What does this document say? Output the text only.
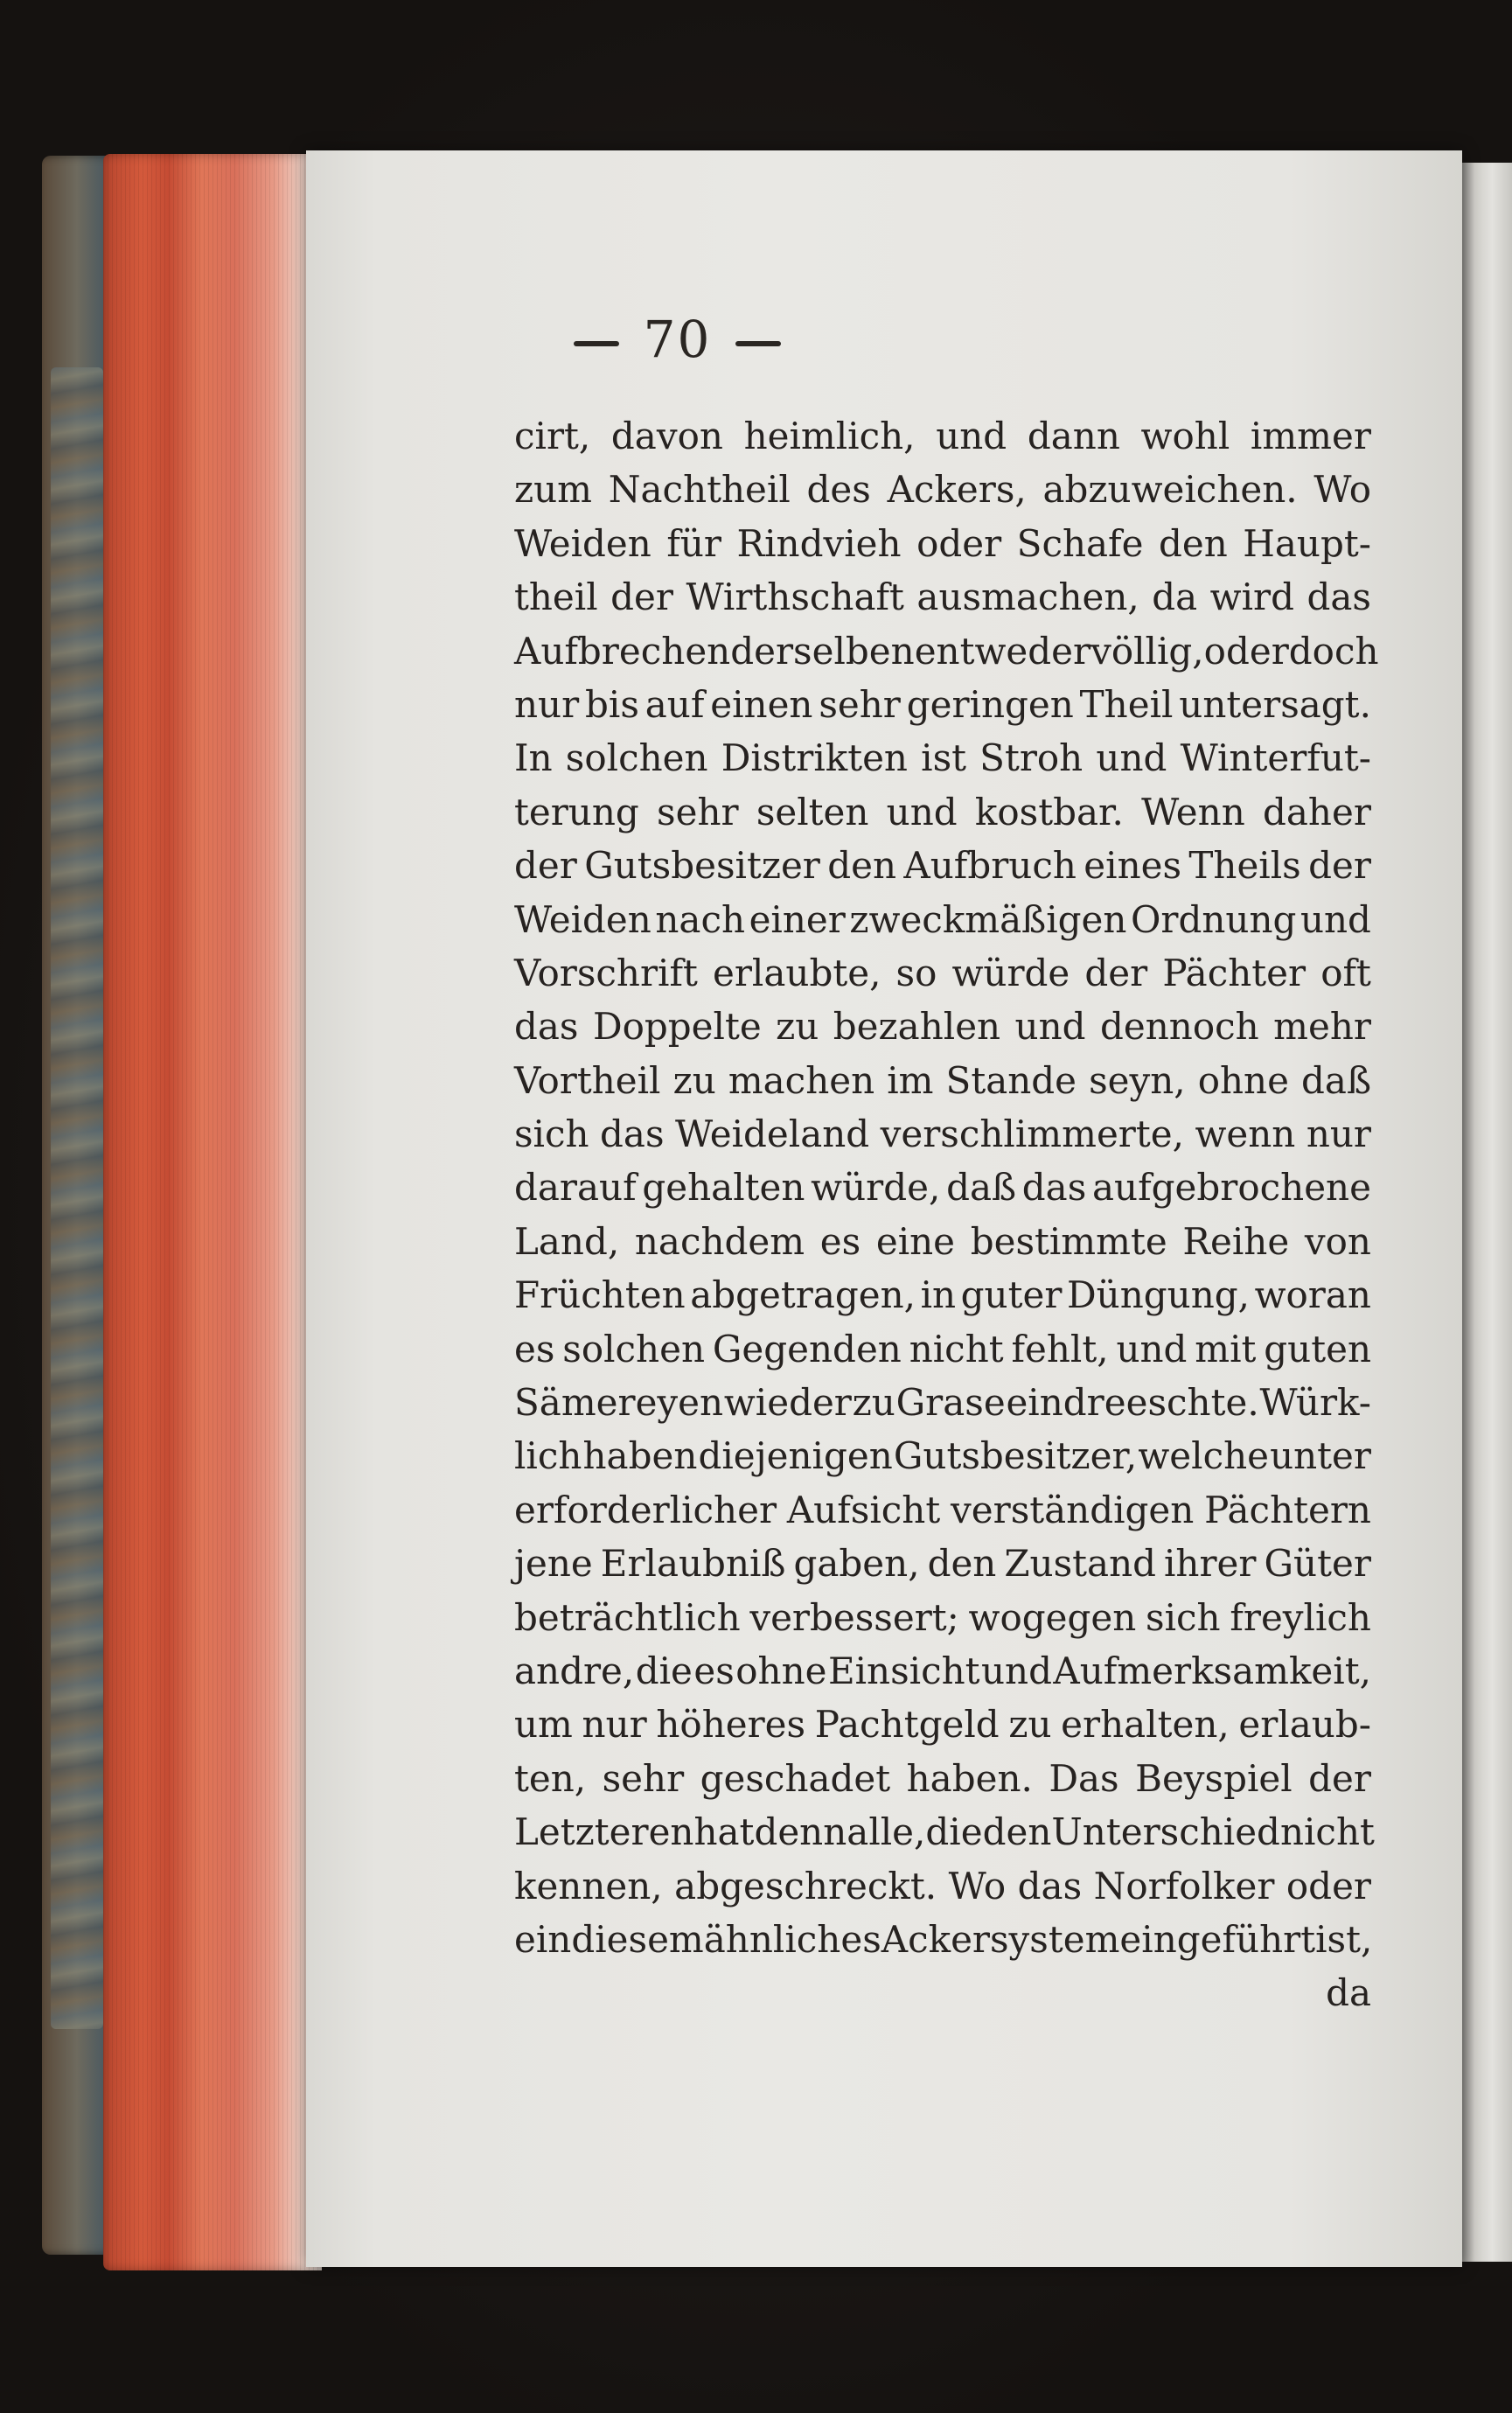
70
cirt, davon heimlich, und dann wohl immer
zum Nachtheil des Ackers, abzuweichen. Wo
Weiden für Rindvieh oder Schafe den Haupt-
theil der Wirthschaft ausmachen, da wird das
Aufbrechen derselben entweder völlig, oder doch
nur bis auf einen sehr geringen Theil untersagt.
In solchen Distrikten ist Stroh und Winterfut-
terung sehr selten und kostbar. Wenn daher
der Gutsbesitzer den Aufbruch eines Theils der
Weiden nach einer zweckmäßigen Ordnung und
Vorschrift erlaubte, so würde der Pächter oft
das Doppelte zu bezahlen und dennoch mehr
Vortheil zu machen im Stande seyn, ohne daß
sich das Weideland verschlimmerte, wenn nur
darauf gehalten würde, daß das aufgebrochene
Land, nachdem es eine bestimmte Reihe von
Früchten abgetragen, in guter Düngung, woran
es solchen Gegenden nicht fehlt, und mit guten
Sämereyen wieder zu Grase eindreeschte. Würk-
lich haben diejenigen Gutsbesitzer, welche unter
erforderlicher Aufsicht verständigen Pächtern
jene Erlaubniß gaben, den Zustand ihrer Güter
beträchtlich verbessert; wogegen sich freylich
andre, die es ohne Einsicht und Aufmerksamkeit,
um nur höheres Pachtgeld zu erhalten, erlaub-
ten, sehr geschadet haben. Das Beyspiel der
Letzteren hat denn alle, die den Unterschied nicht
kennen, abgeschreckt. Wo das Norfolker oder
ein diesem ähnliches Ackersystem eingeführt ist,
da
